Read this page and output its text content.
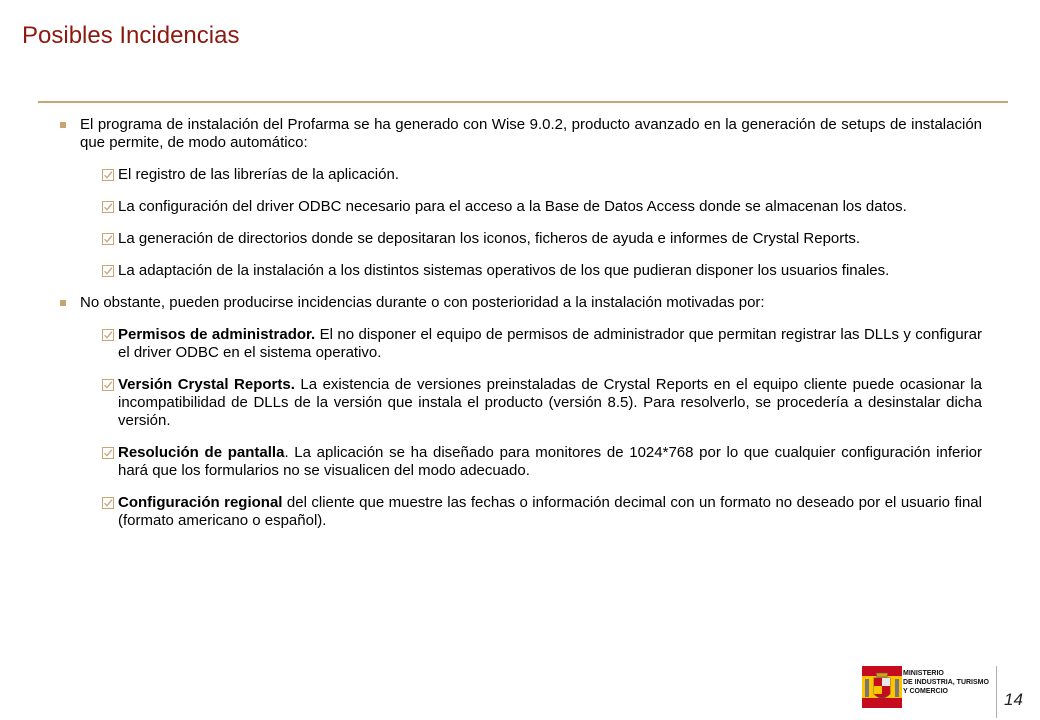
Posibles Incidencias
El programa de instalación del Profarma se ha generado con Wise 9.0.2, producto avanzado en la generación de setups de instalación que permite, de modo automático:
El registro de las librerías de la aplicación.
La configuración del driver ODBC necesario para el acceso a la Base de Datos Access donde se almacenan los datos.
La generación de directorios donde se depositaran los iconos, ficheros de ayuda e informes de Crystal Reports.
La adaptación de la instalación a los distintos sistemas operativos de los que pudieran disponer los usuarios finales.
No obstante, pueden producirse incidencias durante o con posterioridad a la instalación motivadas por:
Permisos de administrador. El no disponer el equipo de permisos de administrador que permitan registrar las DLLs y configurar el driver ODBC en el sistema operativo.
Versión Crystal Reports. La existencia de versiones preinstaladas de Crystal Reports en el equipo cliente puede ocasionar la incompatibilidad de DLLs de la versión que instala el producto (versión 8.5). Para resolverlo, se procedería a desinstalar dicha versión.
Resolución de pantalla. La aplicación se ha diseñado para monitores de 1024*768 por lo que cualquier configuración inferior hará que los formularios no se visualicen del modo adecuado.
Configuración regional del cliente que muestre las fechas o información decimal con un formato no deseado por el usuario final (formato americano o español).
MINISTERIO
DE INDUSTRIA, TURISMO
Y COMERCIO	14
